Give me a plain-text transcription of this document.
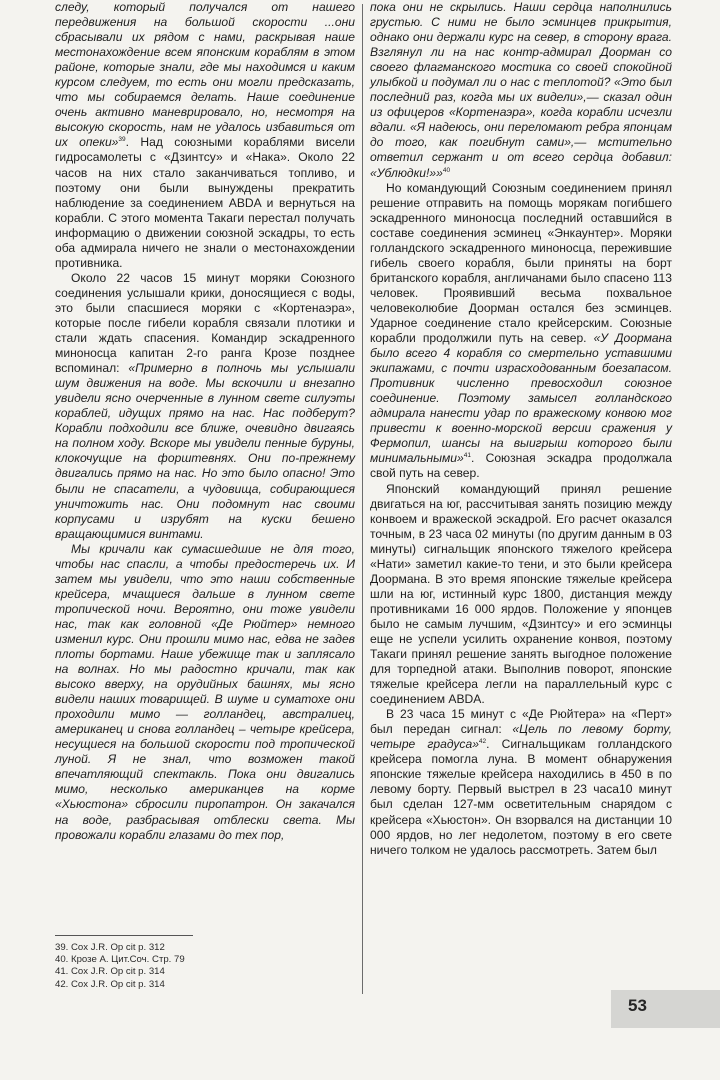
следу, который получался от нашего передвижения на большой скорости ...они сбрасывали их рядом с нами, раскрывая наше местонахождение всем японским кораблям в этом районе, которые знали, где мы находимся и каким курсом следуем, то есть они могли предсказать, что мы собираемся делать. Наше соединение очень активно маневрировало, но, несмотря на высокую скорость, нам не удалось избавиться от их опеки»$^{39}$. Над союзными кораблями висели гидросамолеты с «Дзинтсу» и «Нака». Около 22 часов на них стало заканчиваться топливо, и поэтому они были вынуждены прекратить наблюдение за соединением ABDA и вернуться на корабли. С этого момента Такаги перестал получать информацию о движении союзной эскадры, то есть оба адмирала ничего не знали о местонахождении противника.

Около 22 часов 15 минут моряки Союзного соединения услышали крики, доносящиеся с воды, это были спасшиеся моряки с «Кортенаэра», которые после гибели корабля связали плотики и стали ждать спасения. Командир эскадренного миноносца капитан 2-го ранга Крозе позднее вспоминал: «Примерно в полночь мы услышали шум движения на воде. Мы вскочили и внезапно увидели ясно очерченные в лунном свете силуэты кораблей, идущих прямо на нас. Нас подберут? Корабли подходили все ближе, очевидно двигаясь на полном ходу. Вскоре мы увидели пенные буруны, клокочущие на форштевнях. Они по-прежнему двигались прямо на нас. Но это было опасно! Это были не спасатели, а чудовища, собирающиеся уничтожить нас. Они подомнут нас своими корпусами и изрубят на куски бешено вращающимися винтами.

Мы кричали как сумасшедшие не для того, чтобы нас спасли, а чтобы предостеречь их. И затем мы увидели, что это наши собственные крейсера, мчащиеся дальше в лунном свете тропической ночи. Вероятно, они тоже увидели нас, так как головной «Де Рюйтер» немного изменил курс. Они прошли мимо нас, едва не задев плоты бортами. Наше убежище так и заплясало на волнах. Но мы радостно кричали, так как высоко вверху, на орудийных башнях, мы ясно видели наших товарищей. В шуме и суматохе они проходили мимо — голландец, австралиец, американец и снова голландец – четыре крейсера, несущиеся на большой скорости под тропической луной. Я не знал, что возможен такой впечатляющий спектакль. Пока они двигались мимо, несколько американцев на корме «Хьюстона» сбросили пиропатрон. Он закачался на воде, разбрасывая отблески света. Мы провожали корабли глазами до тех пор,

пока они не скрылись. Наши сердца наполнились грустью. С ними не было эсминцев прикрытия, однако они держали курс на север, в сторону врага. Взглянул ли на нас контр-адмирал Доорман со своего флагманского мостика со своей спокойной улыбкой и подумал ли о нас с теплотой? «Это был последний раз, когда мы их видели»,— сказал один из офицеров «Кортенаэра», когда корабли исчезли вдали. «Я надеюсь, они переломают ребра японцам до того, как погибнут сами»,— мстительно ответил сержант и от всего сердца добавил: «Ублюдки!»»$^{40}$

Но командующий Союзным соединением принял решение отправить на помощь морякам погибшего эскадренного миноносца последний оставшийся в составе соединения эсминец «Энкаунтер». Моряки голландского эскадренного миноносца, пережившие гибель своего корабля, были приняты на борт британского корабля, англичанами было спасено 113 человек. Проявивший весьма похвальное человеколюбие Доорман остался без эсминцев. Ударное соединение стало крейсерским. Союзные корабли продолжили путь на север. «У Доормана было всего 4 корабля со смертельно уставшими экипажами, с почти израсходованным боезапасом. Противник численно превосходил союзное соединение. Поэтому замысел голландского адмирала нанести удар по вражескому конвою мог привести к военно-морской версии сражения у Фермопил, шансы на выигрыш которого были минимальными»$^{41}$. Союзная эскадра продолжала свой путь на север.

Японский командующий принял решение двигаться на юг, рассчитывая занять позицию между конвоем и вражеской эскадрой. Его расчет оказался точным, в 23 часа 02 минуты (по другим данным в 03 минуты) сигнальщик японского тяжелого крейсера «Нати» заметил какие-то тени, и это были крейсера Доормана. В это время японские тяжелые крейсера шли на юг, истинный курс 1800, дистанция между противниками 16 000 ярдов. Положение у японцев было не самым лучшим, «Дзинтсу» и его эсминцы еще не успели усилить охранение конвоя, поэтому Такаги принял решение занять выгодное положение для торпедной атаки. Выполнив поворот, японские тяжелые крейсера легли на параллельный курс с соединением ABDA.

В 23 часа 15 минут с «Де Рюйтера» на «Перт» был передан сигнал: «Цель по левому борту, четыре градуса»$^{42}$. Сигнальщикам голландского крейсера помогла луна. В момент обнаружения японские тяжелые крейсера находились в 450 в по левому борту. Первый выстрел в 23 часа10 минут был сделан 127-мм осветительным снарядом с крейсера «Хьюстон». Он взорвался на дистанции 10 000 ярдов, но лег недолетом, поэтому в его свете ничего толком не удалось рассмотреть. Затем был

39. Cox J.R. Op cit p. 312
40. Крозе А. Цит.Соч. Стр. 79
41. Cox J.R. Op cit p. 314
42. Cox J.R. Op cit p. 314
53
